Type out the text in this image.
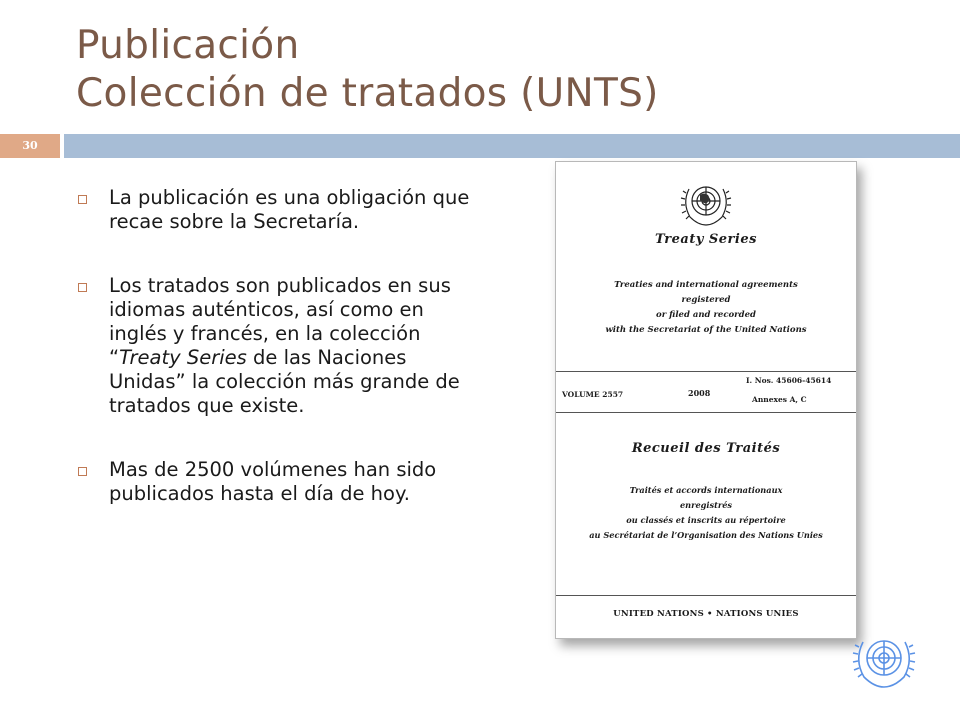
Publicación
Colección de tratados (UNTS)
30
La publicación es una obligación que recae sobre la Secretaría.
Los tratados son publicados en sus idiomas auténticos, así como en inglés y francés, en la colección “Treaty Series de las Naciones Unidas” la colección más grande de tratados que existe.
Mas de 2500 volúmenes han sido publicados hasta el día de hoy.
Treaty Series
Treaties and international agreements
registered
or filed and recorded
with the Secretariat of the United Nations
I. Nos. 45606-45614
VOLUME 2557	2008
Annexes A, C
Recueil des Traités
Traités et accords internationaux
enregistrés
ou classés et inscrits au répertoire
au Secrétariat de l’Organisation des Nations Unies
UNITED NATIONS • NATIONS UNIES
